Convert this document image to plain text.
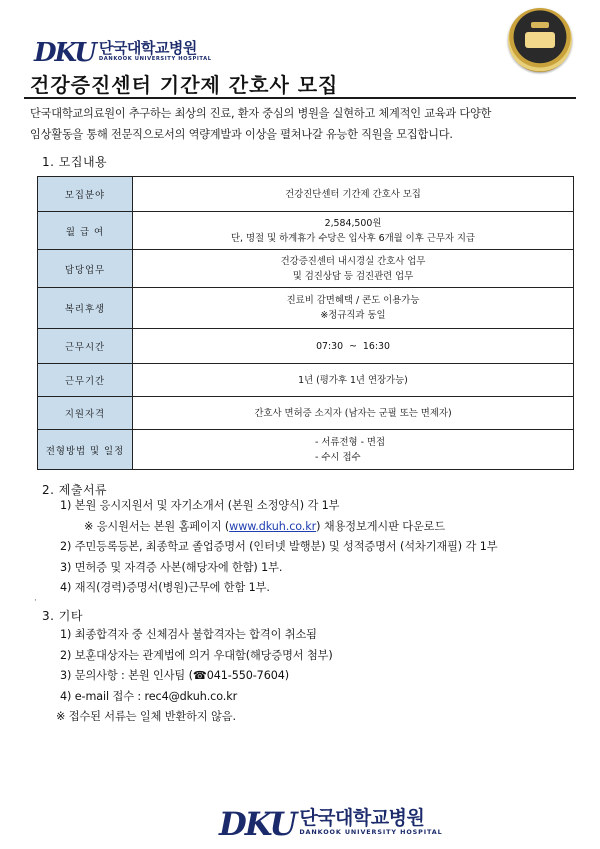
DKU 단국대학교병원
DANKOOK UNIVERSITY HOSPITAL
건강증진센터 기간제 간호사 모집
단국대학교의료원이 추구하는 최상의 진료, 환자 중심의 병원을 실현하고 체계적인 교육과 다양한
임상활동을 통해 전문직으로서의 역량계발과 이상을 펼쳐나갈 유능한 직원을 모집합니다.
1. 모집내용
모집분야	건강진단센터 기간제 간호사 모집

월 급 여	2,584,500원
단, 명절 및 하계휴가 수당은 입사후 6개월 이후 근무자 지급

담당업무	건강증진센터 내시경실 간호사 업무
및 검진상담 등 검진관련 업무

복리후생	진료비 감면혜택 / 콘도 이용가능
※정규직과 동일

근무시간	07:30  ~  16:30

근무기간	1년 (평가후 1년 연장가능)

지원자격	간호사 면허증 소지자 (남자는 군필 또는 면제자)

전형방법 및 일정	- 서류전형 - 면접
- 수시 접수
2. 제출서류
1) 본원 응시지원서 및 자기소개서 (본원 소정양식) 각 1부
※ 응시원서는 본원 홈페이지 (www.dkuh.co.kr) 채용정보게시판 다운로드
2) 주민등록등본, 최종학교 졸업증명서 (인터넷 발행분) 및 성적증명서 (석차기재필) 각 1부
3) 면허증 및 자격증 사본(해당자에 한함) 1부.
4) 재직(경력)증명서(병원)근무에 한함 1부.
·
3. 기타
1) 최종합격자 중 신체검사 불합격자는 합격이 취소됨
2) 보훈대상자는 관계법에 의거 우대함(해당증명서 첨부)
3) 문의사항 : 본원 인사팀 (☎041-550-7604)
4) e-mail 접수 : rec4@dkuh.co.kr
※ 접수된 서류는 일체 반환하지 않음.
DKU 단국대학교병원
DANKOOK UNIVERSITY HOSPITAL
